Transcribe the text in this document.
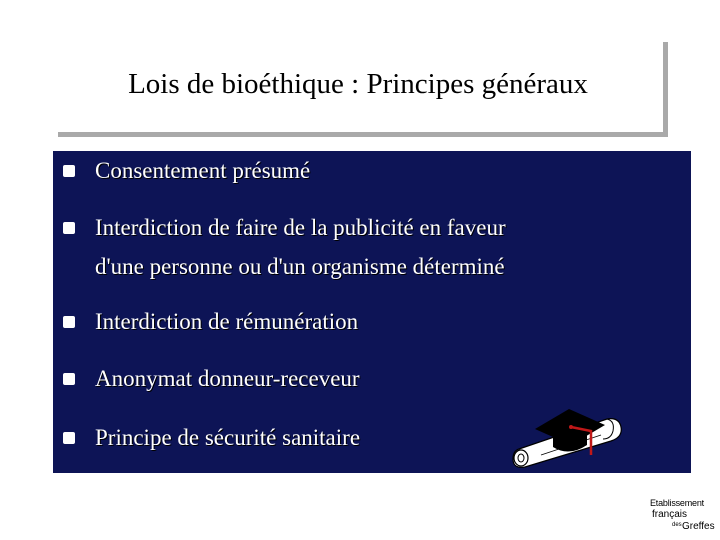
Lois de bioéthique : Principes généraux
Consentement présumé
Interdiction de faire de la publicité en faveur
d'une personne ou d'un organisme déterminé
Interdiction de rémunération
Anonymat donneur-receveur
Principe de sécurité sanitaire
Etablissement
français
des Greffes
